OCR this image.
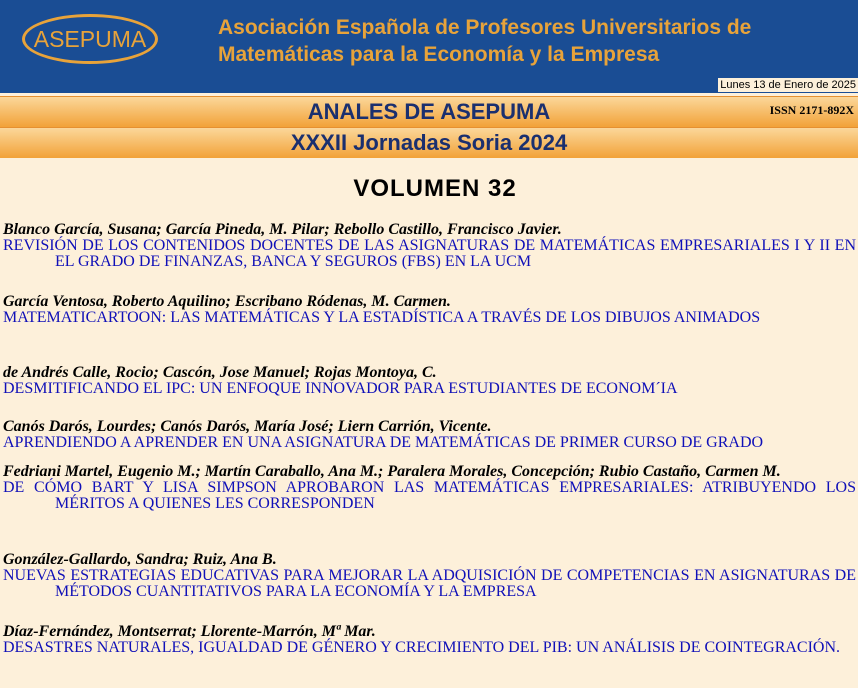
ASEPUMA	Asociación Española de Profesores Universitarios de
Matemáticas para la Economía y la Empresa
Lunes 13 de Enero de 2025
ANALES DE ASEPUMA	ISSN 2171-892X
XXXII Jornadas Soria 2024
VOLUMEN 32
Blanco García, Susana; García Pineda, M. Pilar; Rebollo Castillo, Francisco Javier.
REVISIÓN DE LOS CONTENIDOS DOCENTES DE LAS ASIGNATURAS DE MATEMÁTICAS EMPRESARIALES I Y II EN EL GRADO DE FINANZAS, BANCA Y SEGUROS (FBS) EN LA UCM
García Ventosa, Roberto Aquilino; Escribano Ródenas, M. Carmen.
MATEMATICARTOON: LAS MATEMÁTICAS Y LA ESTADÍSTICA A TRAVÉS DE LOS DIBUJOS ANIMADOS
de Andrés Calle, Rocio; Cascón, Jose Manuel; Rojas Montoya, C.
DESMITIFICANDO EL IPC: UN ENFOQUE INNOVADOR PARA ESTUDIANTES DE ECONOM´IA
Canós Darós, Lourdes; Canós Darós, María José; Liern Carrión, Vicente.
APRENDIENDO A APRENDER EN UNA ASIGNATURA DE MATEMÁTICAS DE PRIMER CURSO DE GRADO
Fedriani Martel, Eugenio M.; Martín Caraballo, Ana M.; Paralera Morales, Concepción; Rubio Castaño, Carmen M.
DE CÓMO BART Y LISA SIMPSON APROBARON LAS MATEMÁTICAS EMPRESARIALES: ATRIBUYENDO LOS MÉRITOS A QUIENES LES CORRESPONDEN
González-Gallardo, Sandra; Ruiz, Ana B.
NUEVAS ESTRATEGIAS EDUCATIVAS PARA MEJORAR LA ADQUISICIÓN DE COMPETENCIAS EN ASIGNATURAS DE MÉTODOS CUANTITATIVOS PARA LA ECONOMÍA Y LA EMPRESA
Díaz-Fernández, Montserrat; Llorente-Marrón, Mª Mar.
DESASTRES NATURALES, IGUALDAD DE GÉNERO Y CRECIMIENTO DEL PIB: UN ANÁLISIS DE COINTEGRACIÓN.
